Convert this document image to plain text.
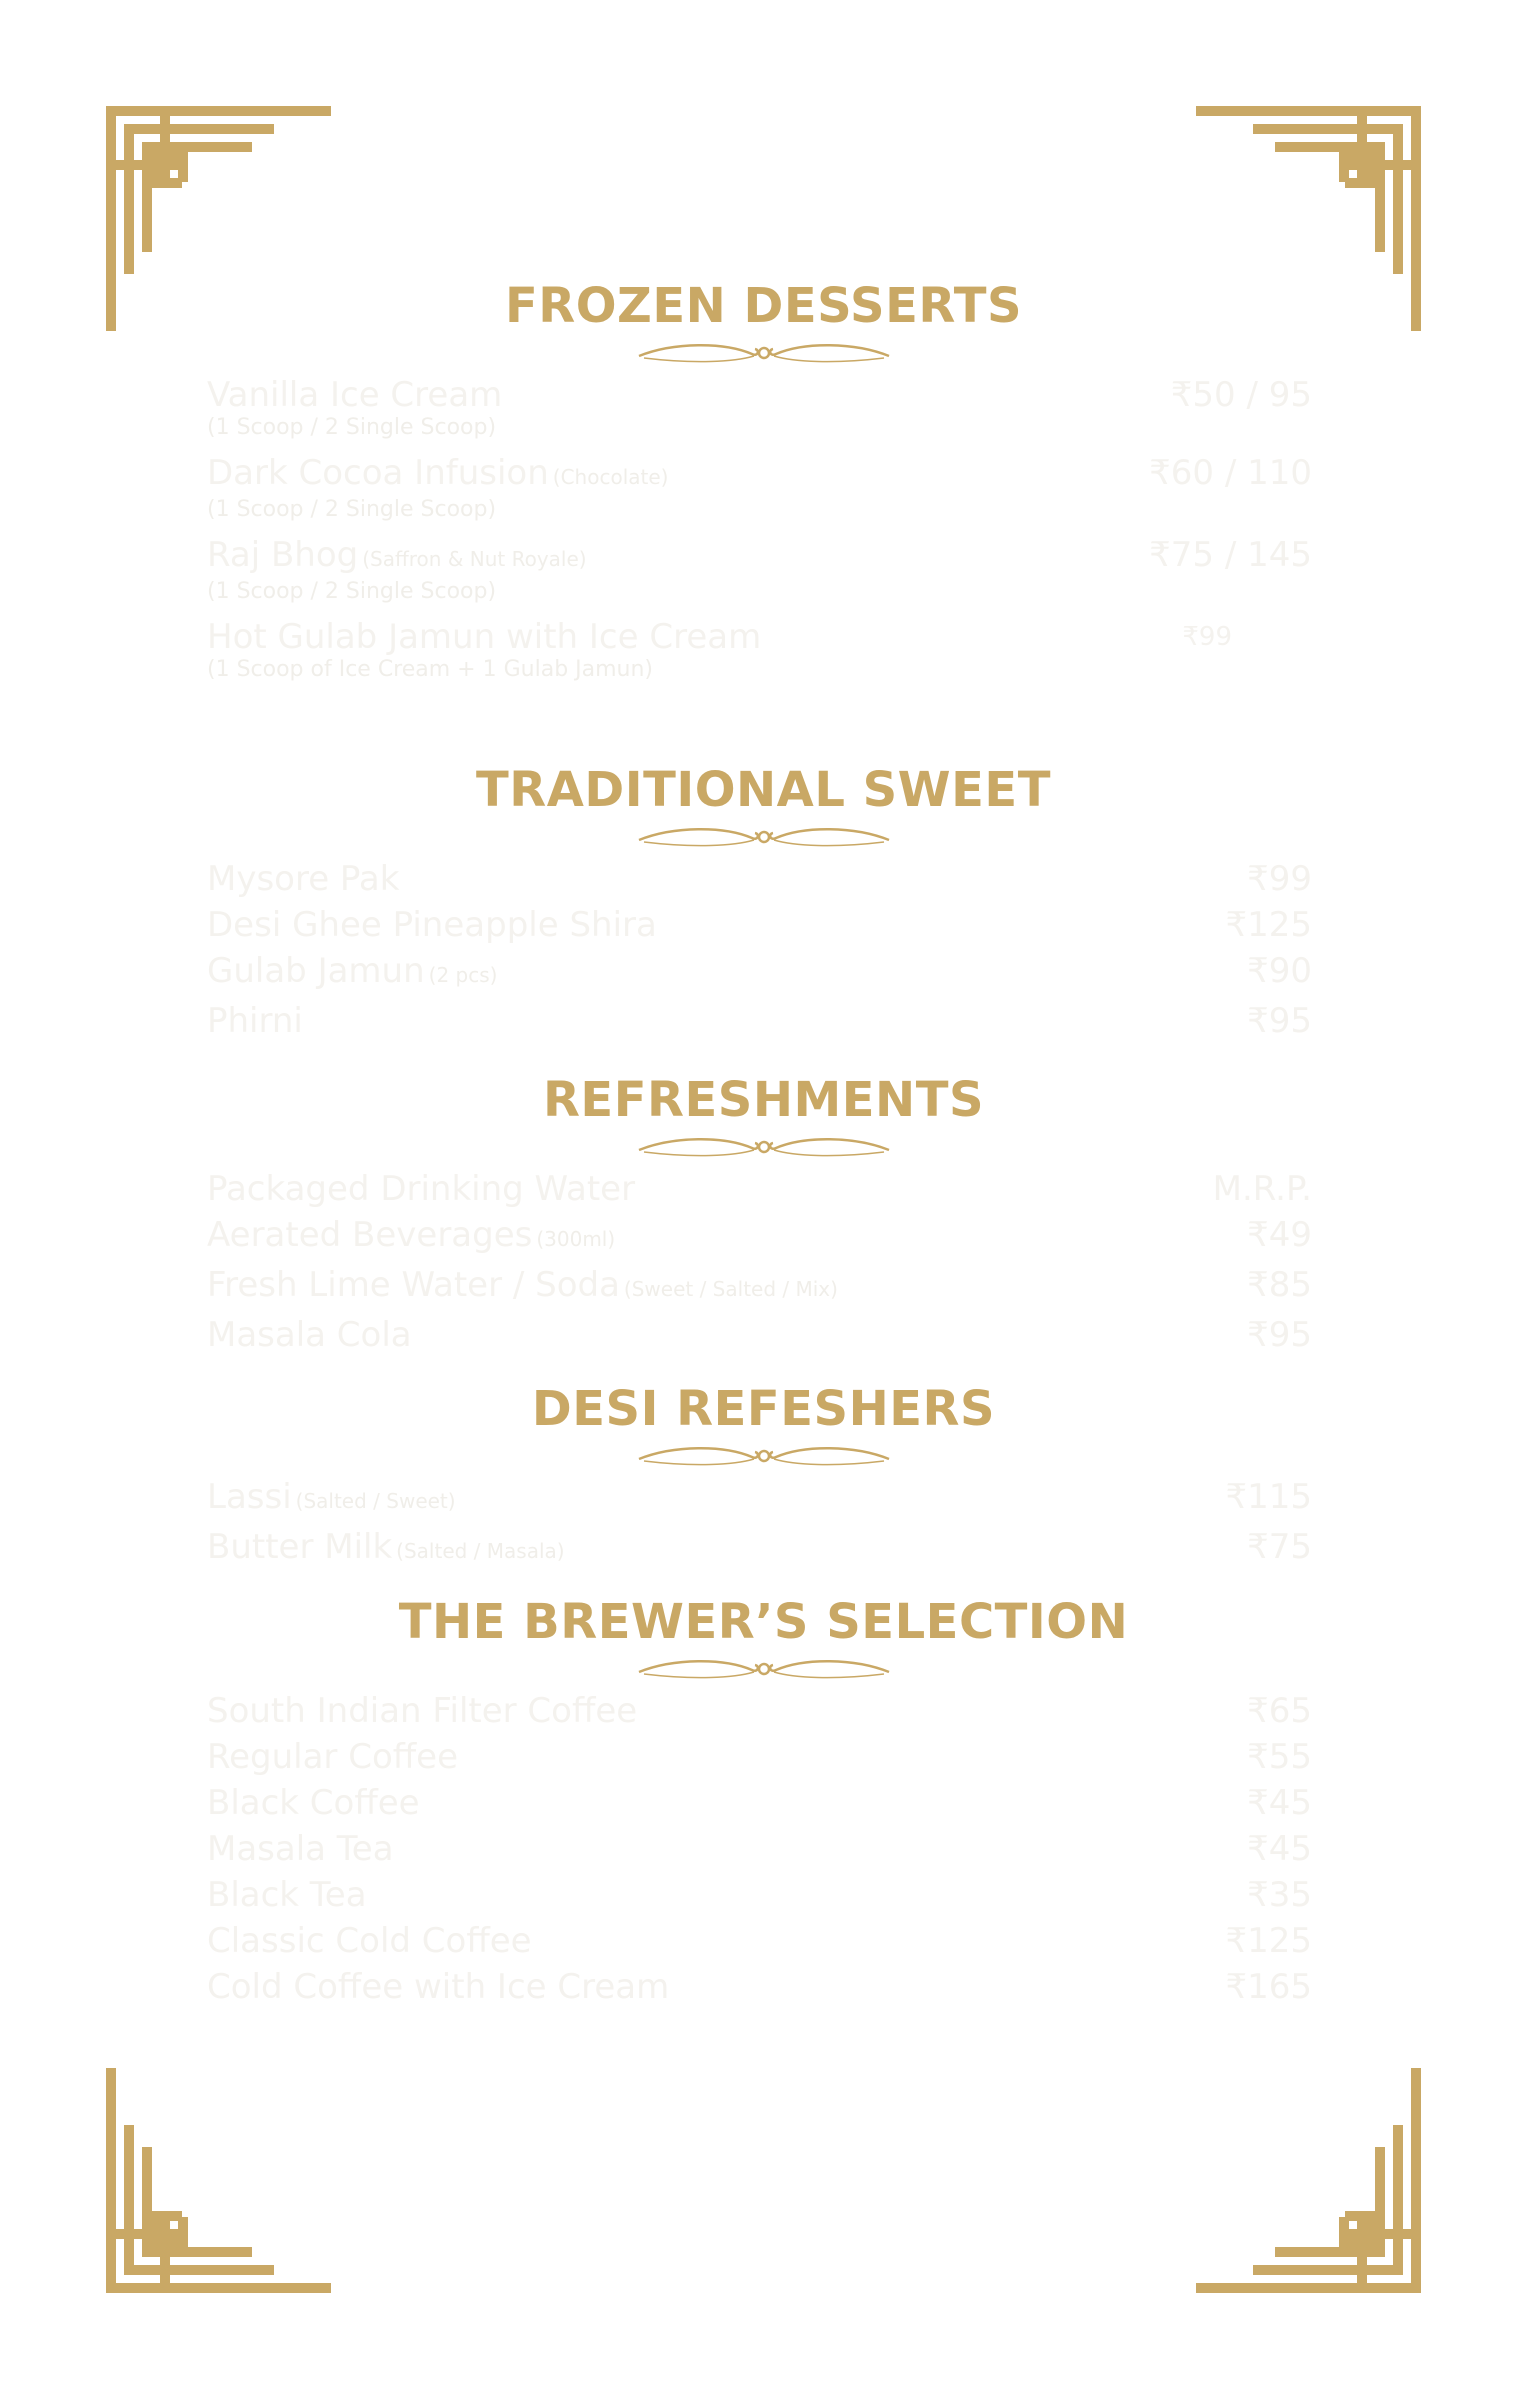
FROZEN DESSERTS
Vanilla Ice Cream
(1 Scoop / 2 Single Scoop)
₹50 / 95
Dark Cocoa Infusion (Chocolate)
(1 Scoop / 2 Single Scoop)
₹60 / 110
Raj Bhog (Saffron & Nut Royale)
(1 Scoop / 2 Single Scoop)
₹75 / 145
Hot Gulab Jamun with Ice Cream
(1 Scoop of Ice Cream + 1 Gulab Jamun)
₹99
TRADITIONAL SWEET
Mysore Pak	₹99
Desi Ghee Pineapple Shira	₹125
Gulab Jamun (2 pcs)	₹90
Phirni	₹95
REFRESHMENTS
Packaged Drinking Water	M.R.P.
Aerated Beverages (300ml)	₹49
Fresh Lime Water / Soda (Sweet / Salted / Mix)	₹85
Masala Cola	₹95
DESI REFESHERS
Lassi (Salted / Sweet)	₹115
Butter Milk (Salted / Masala)	₹75
THE BREWER’S SELECTION
South Indian Filter Coffee	₹65
Regular Coffee	₹55
Black Coffee	₹45
Masala Tea	₹45
Black Tea	₹35
Classic Cold Coffee	₹125
Cold Coffee with Ice Cream	₹165
